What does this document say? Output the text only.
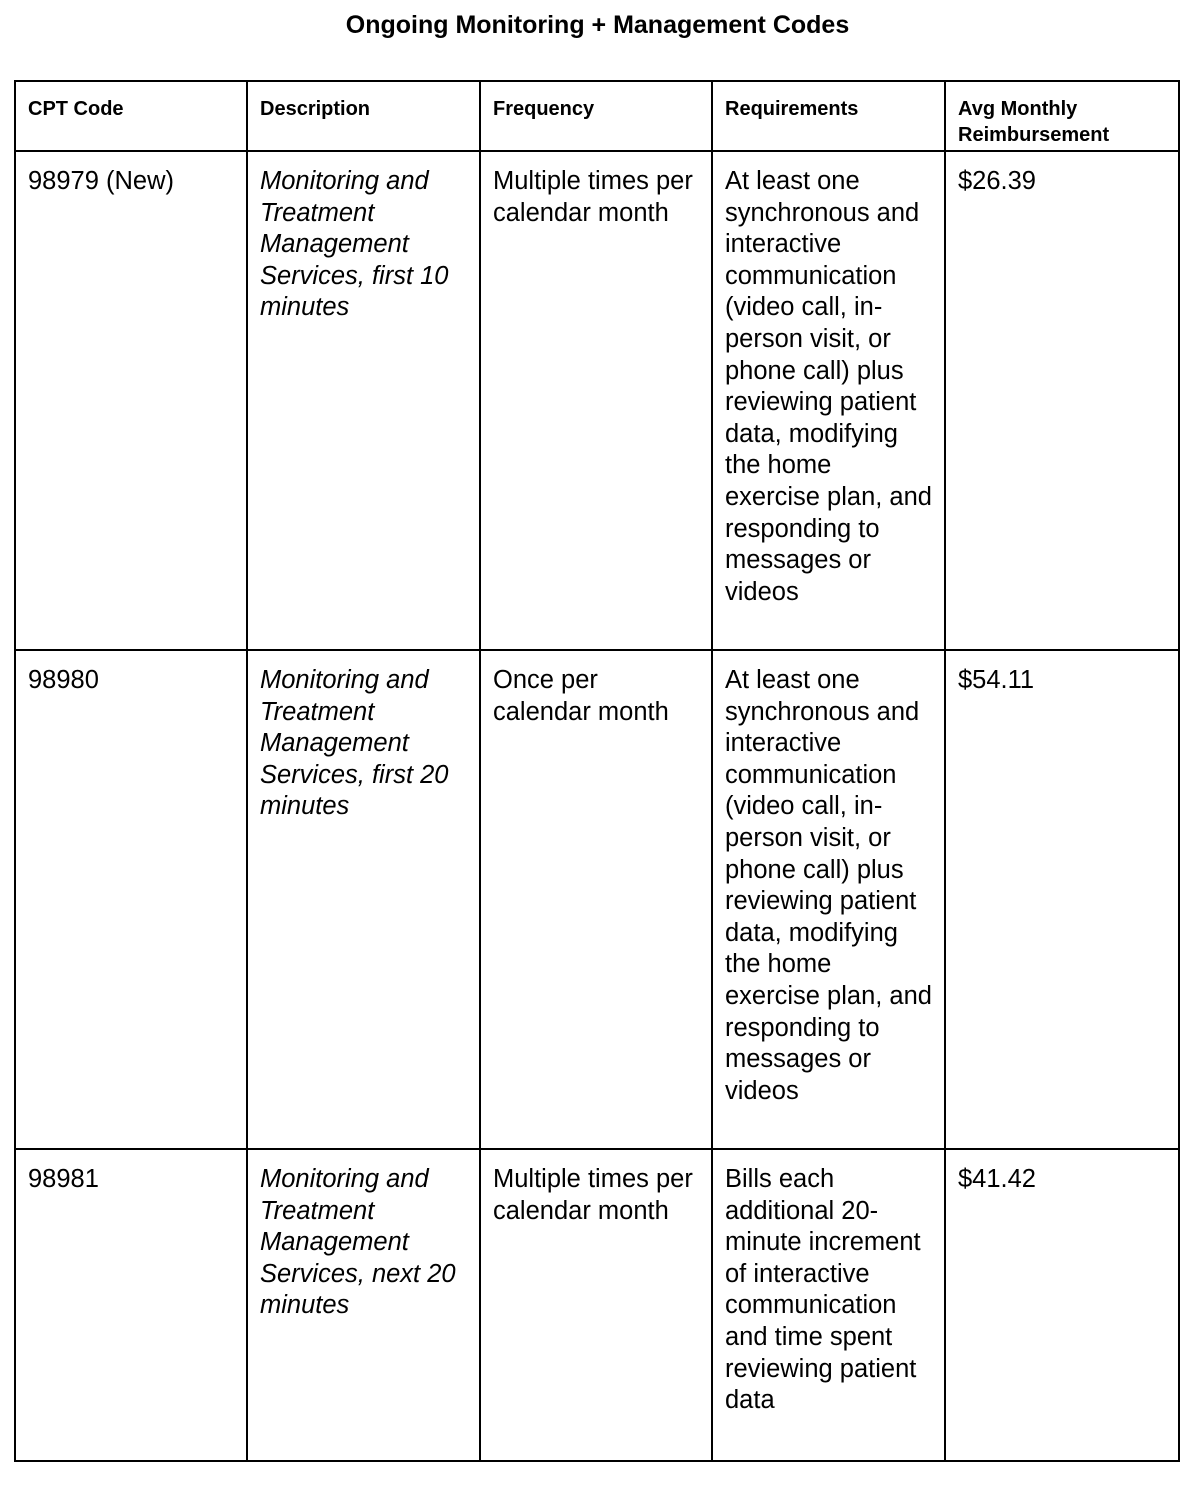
Ongoing Monitoring + Management Codes
CPT Code	Description	Frequency	Requirements	Avg Monthly Reimbursement
98979 (New)	Monitoring and Treatment Management Services, first 10 minutes	Multiple times per calendar month	At least one synchronous and interactive communication (video call, in-person visit, or phone call) plus reviewing patient data, modifying the home exercise plan, and responding to messages or videos	$26.39
98980	Monitoring and Treatment Management Services, first 20 minutes	Once per calendar month	At least one synchronous and interactive communication (video call, in-person visit, or phone call) plus reviewing patient data, modifying the home exercise plan, and responding to messages or videos	$54.11
98981	Monitoring and Treatment Management Services, next 20 minutes	Multiple times per calendar month	Bills each additional 20-minute increment of interactive communication and time spent reviewing patient data	$41.42
